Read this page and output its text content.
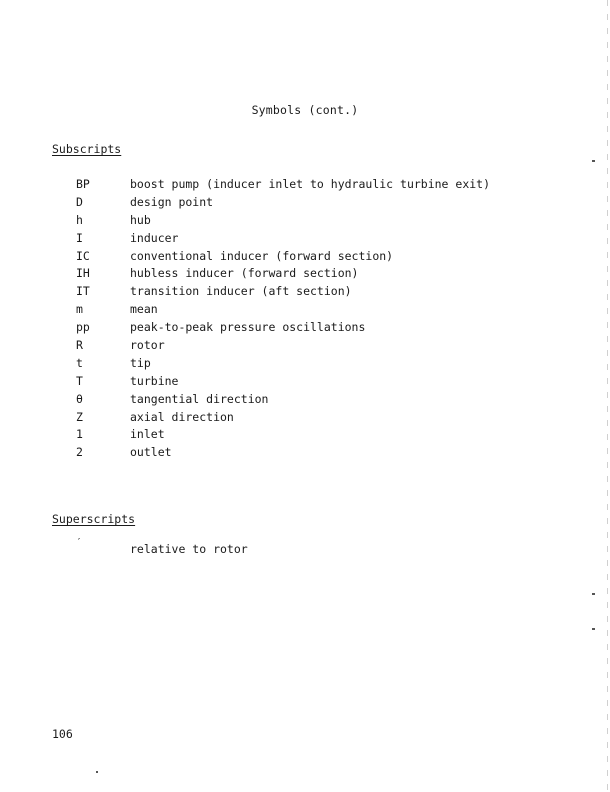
Symbols (cont.)
Subscripts
BP	boost pump (inducer inlet to hydraulic turbine exit)
D	design point
h	hub
I	inducer
IC	conventional inducer (forward section)
IH	hubless inducer (forward section)
IT	transition inducer (aft section)
m	mean
pp	peak-to-peak pressure oscillations
R	rotor
t	tip
T	turbine
θ	tangential direction
Z	axial direction
1	inlet
2	outlet
Superscripts
′	relative to rotor
106
